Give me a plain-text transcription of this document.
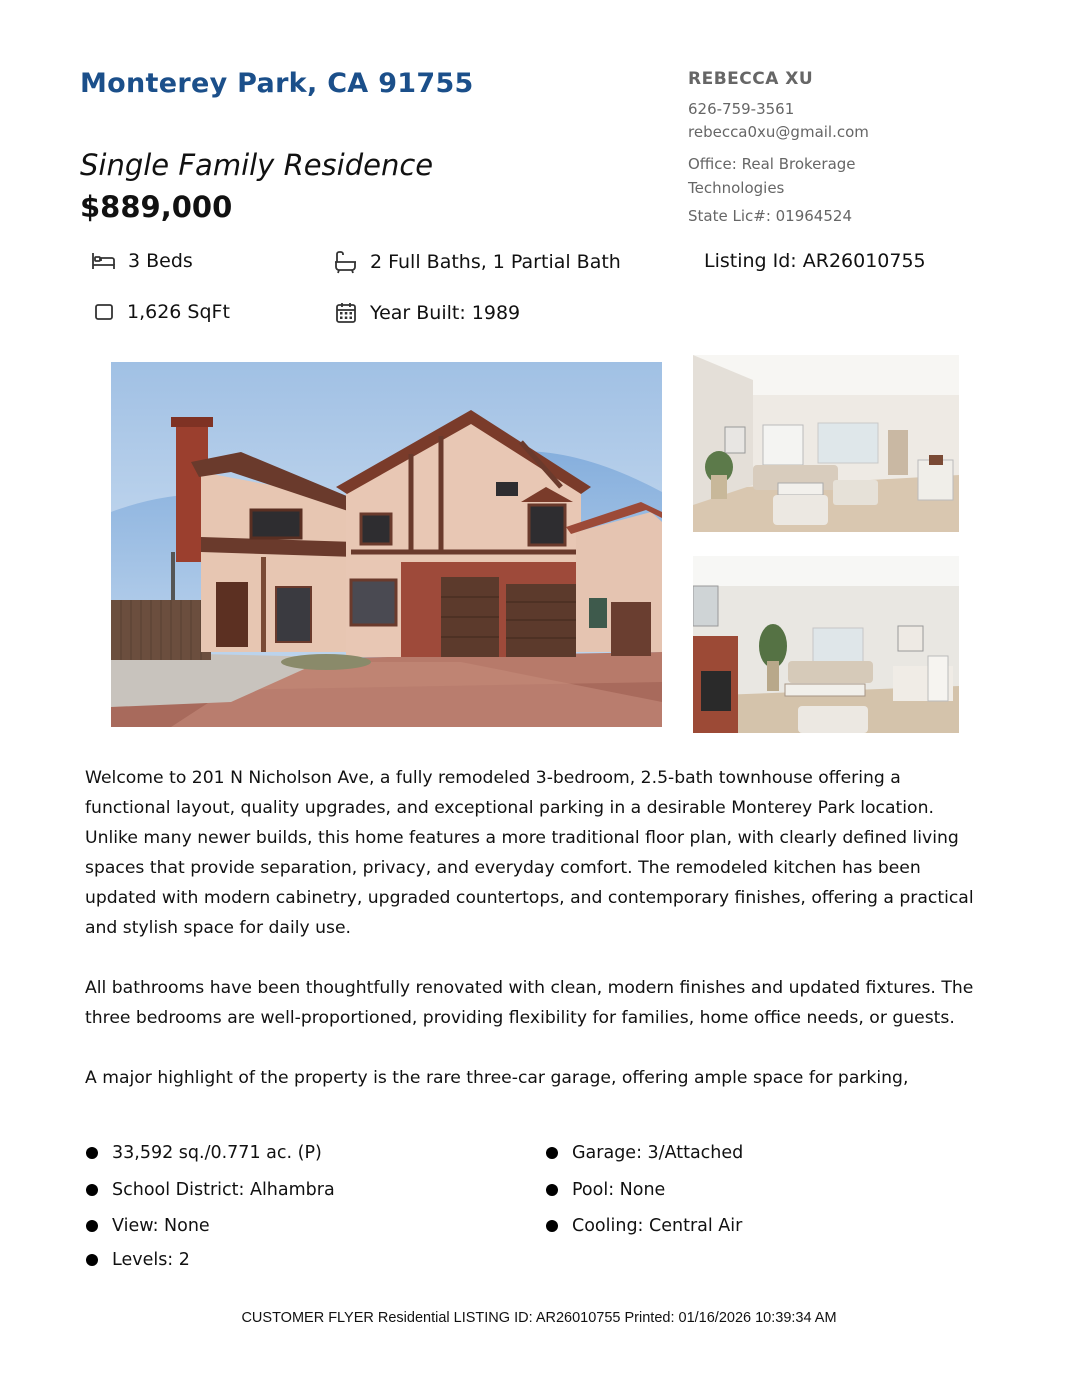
Monterey Park, CA 91755
Single Family Residence
$889,000
REBECCA XU
626-759-3561
rebecca0xu@gmail.com
Office: Real Brokerage
Technologies
State Lic#: 01964524
3 Beds	2 Full Baths, 1 Partial Bath	Listing Id: AR26010755
1,626 SqFt	Year Built: 1989

Welcome to 201 N Nicholson Ave, a fully remodeled 3-bedroom, 2.5-bath townhouse offering a functional layout, quality upgrades, and exceptional parking in a desirable Monterey Park location. Unlike many newer builds, this home features a more traditional floor plan, with clearly defined living spaces that provide separation, privacy, and everyday comfort. The remodeled kitchen has been updated with modern cabinetry, upgraded countertops, and contemporary finishes, offering a practical and stylish space for daily use.

All bathrooms have been thoughtfully renovated with clean, modern finishes and updated fixtures. The three bedrooms are well-proportioned, providing flexibility for families, home office needs, or guests.

A major highlight of the property is the rare three-car garage, offering ample space for parking,

33,592 sq./0.771 ac. (P)
School District: Alhambra
View: None
Levels: 2
Garage: 3/Attached
Pool: None
Cooling: Central Air
CUSTOMER FLYER Residential LISTING ID: AR26010755 Printed: 01/16/2026 10:39:34 AM
